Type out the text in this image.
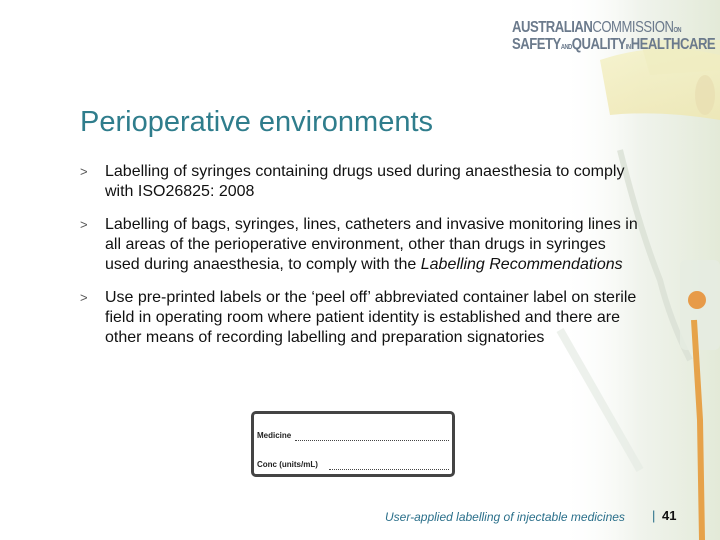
AUSTRALIANCOMMISSIONON
SAFETYANDQUALITYINHEALTHCARE
Perioperative environments
> Labelling of syringes containing drugs used during anaesthesia to comply with ISO26825: 2008
> Labelling of bags, syringes, lines, catheters and invasive monitoring lines in all areas of the perioperative environment, other than drugs in syringes used during anaesthesia, to comply with the Labelling Recommendations
> Use pre-printed labels or the ‘peel off’ abbreviated container label on sterile field in operating room where patient identity is established and there are other means of recording labelling and preparation signatories
Medicine
Conc (units/mL)
User-applied labelling of injectable medicines | 41
